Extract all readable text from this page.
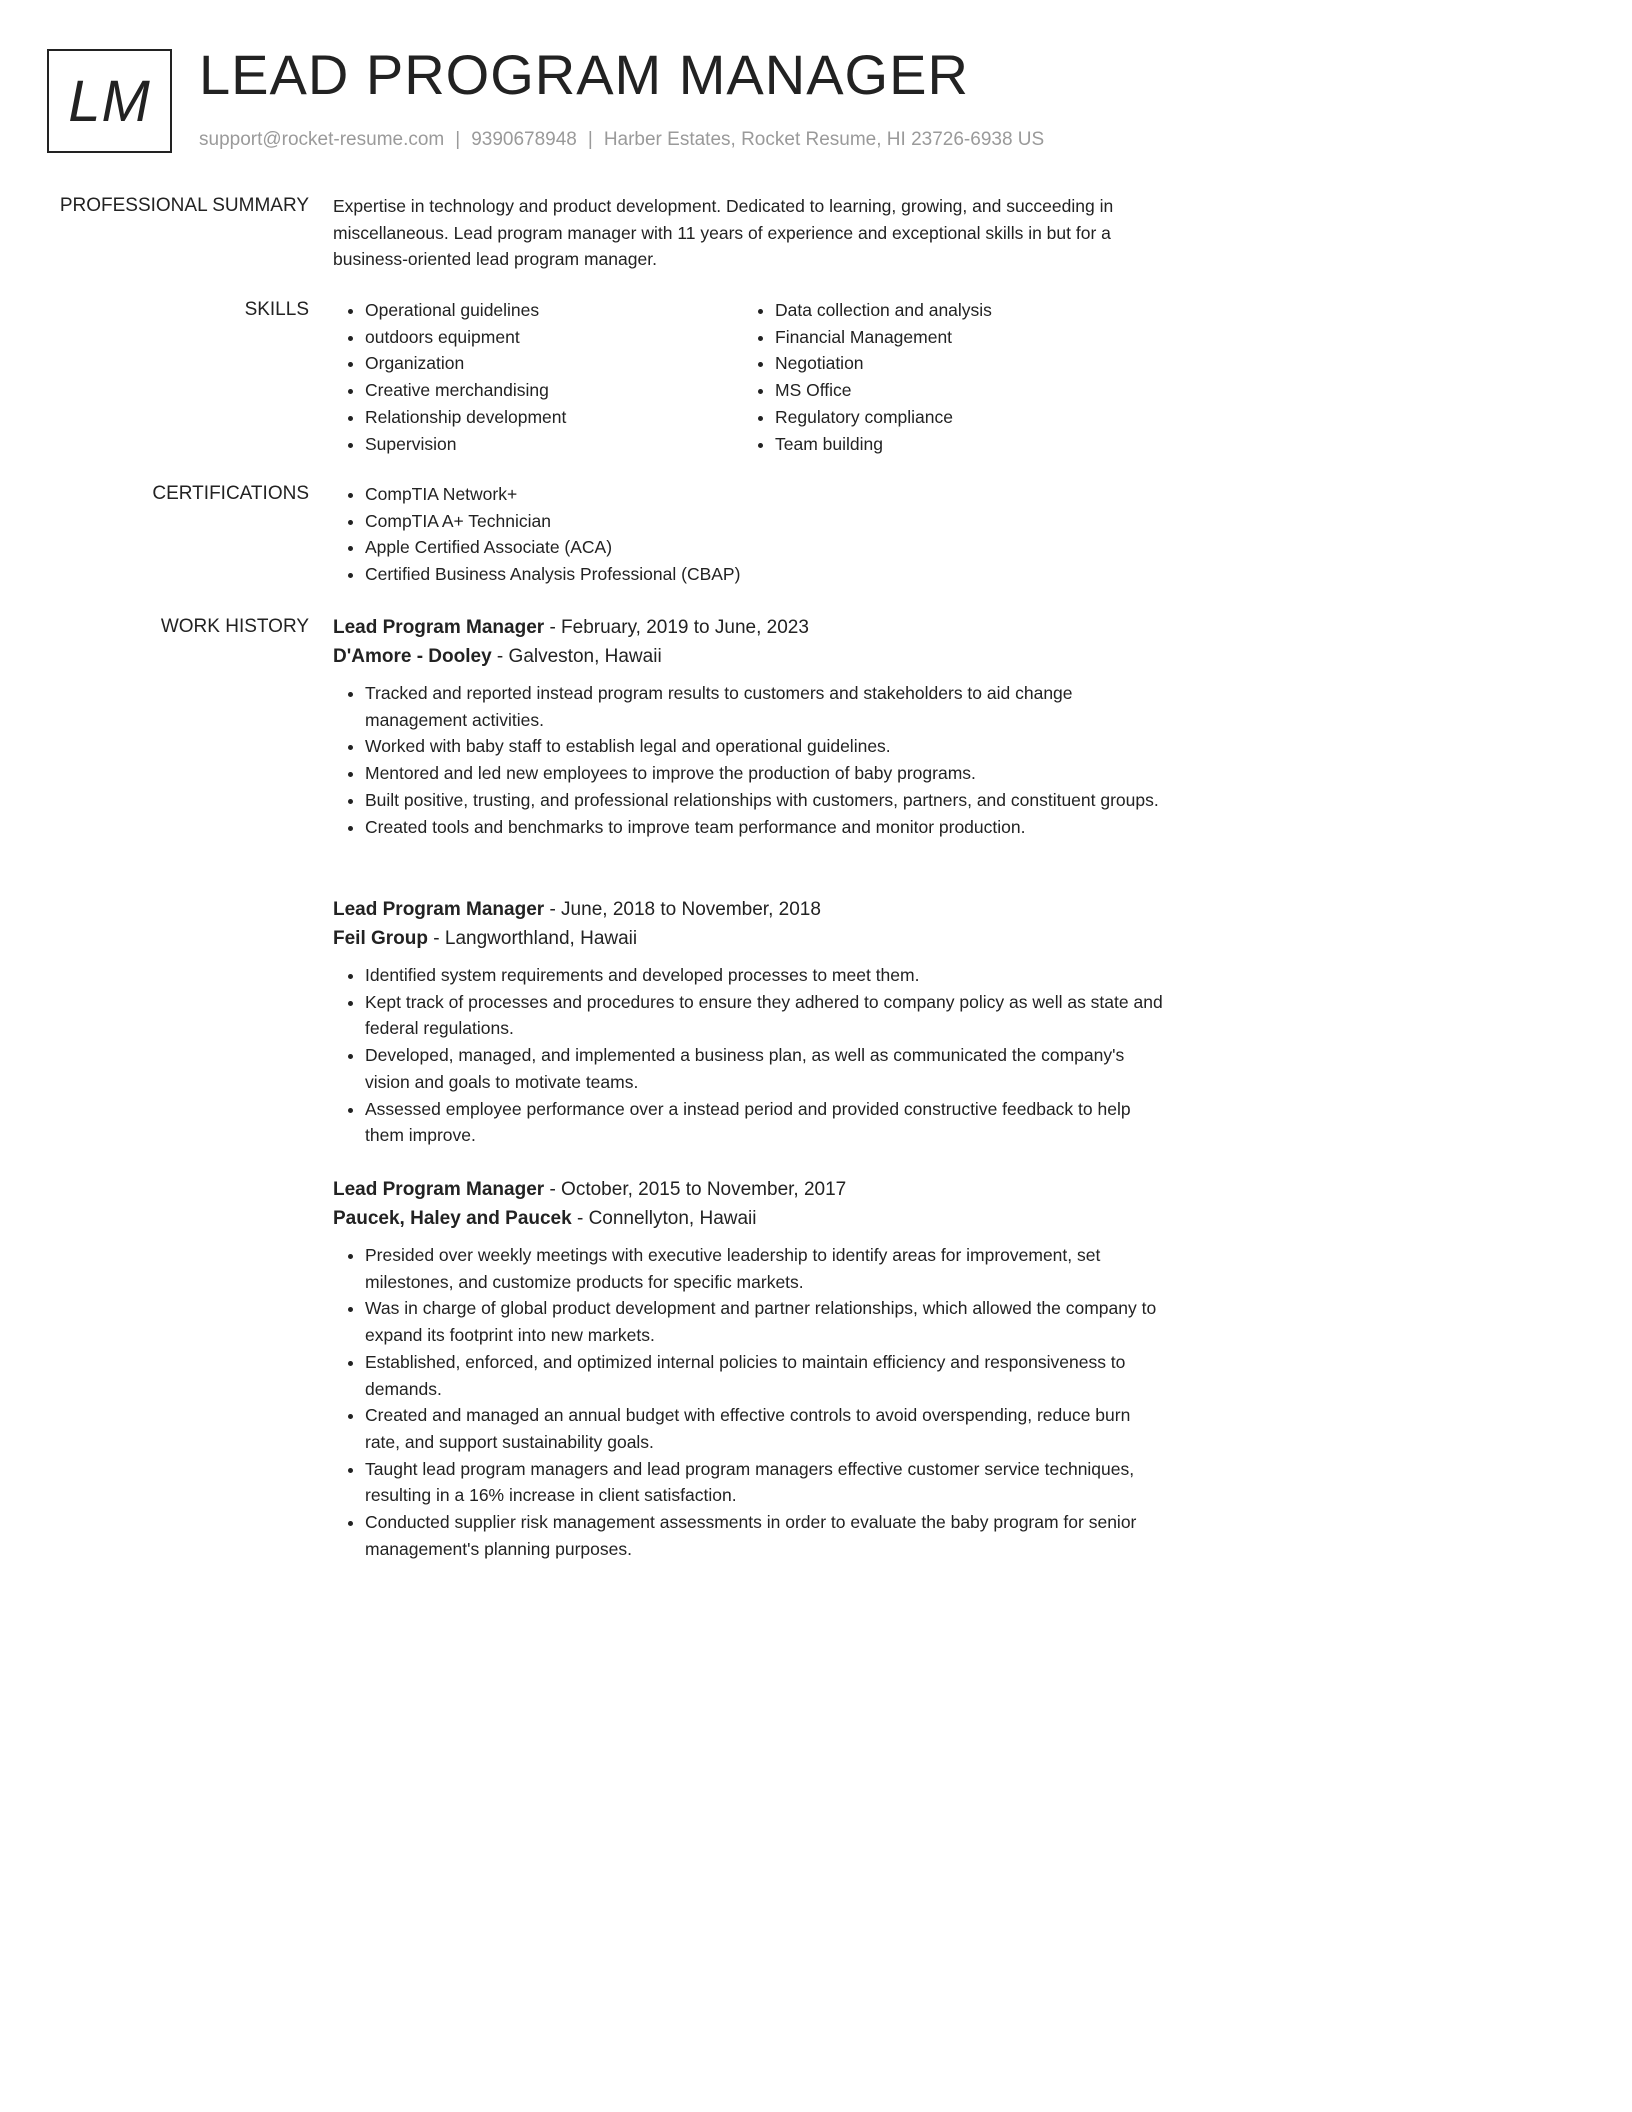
LM LEAD PROGRAM MANAGER
support@rocket-resume.com | 9390678948 | Harber Estates, Rocket Resume, HI 23726-6938 US
PROFESSIONAL SUMMARY Expertise in technology and product development. Dedicated to learning, growing, and succeeding in miscellaneous. Lead program manager with 11 years of experience and exceptional skills in but for a business-oriented lead program manager.

SKILLS	• Operational guidelines
• outdoors equipment
• Organization
• Creative merchandising
• Relationship development
• Supervision
• Data collection and analysis
• Financial Management
• Negotiation
• MS Office
• Regulatory compliance
• Team building
CERTIFICATIONS	• CompTIA Network+
• CompTIA A+ Technician
• Apple Certified Associate (ACA)
• Certified Business Analysis Professional (CBAP)
WORK HISTORY Lead Program Manager - February, 2019 to June, 2023
D'Amore - Dooley - Galveston, Hawaii
• Tracked and reported instead program results to customers and stakeholders to aid change management activities.
• Worked with baby staff to establish legal and operational guidelines.
• Mentored and led new employees to improve the production of baby programs.
• Built positive, trusting, and professional relationships with customers, partners, and constituent groups.
• Created tools and benchmarks to improve team performance and monitor production.
Lead Program Manager - June, 2018 to November, 2018
Feil Group - Langworthland, Hawaii
• Identified system requirements and developed processes to meet them.
• Kept track of processes and procedures to ensure they adhered to company policy as well as state and federal regulations.
• Developed, managed, and implemented a business plan, as well as communicated the company's vision and goals to motivate teams.
• Assessed employee performance over a instead period and provided constructive feedback to help them improve.
Lead Program Manager - October, 2015 to November, 2017
Paucek, Haley and Paucek - Connellyton, Hawaii
• Presided over weekly meetings with executive leadership to identify areas for improvement, set milestones, and customize products for specific markets.
• Was in charge of global product development and partner relationships, which allowed the company to expand its footprint into new markets.
• Established, enforced, and optimized internal policies to maintain efficiency and responsiveness to demands.
• Created and managed an annual budget with effective controls to avoid overspending, reduce burn rate, and support sustainability goals.
• Taught lead program managers and lead program managers effective customer service techniques, resulting in a 16% increase in client satisfaction.
• Conducted supplier risk management assessments in order to evaluate the baby program for senior management's planning purposes.
